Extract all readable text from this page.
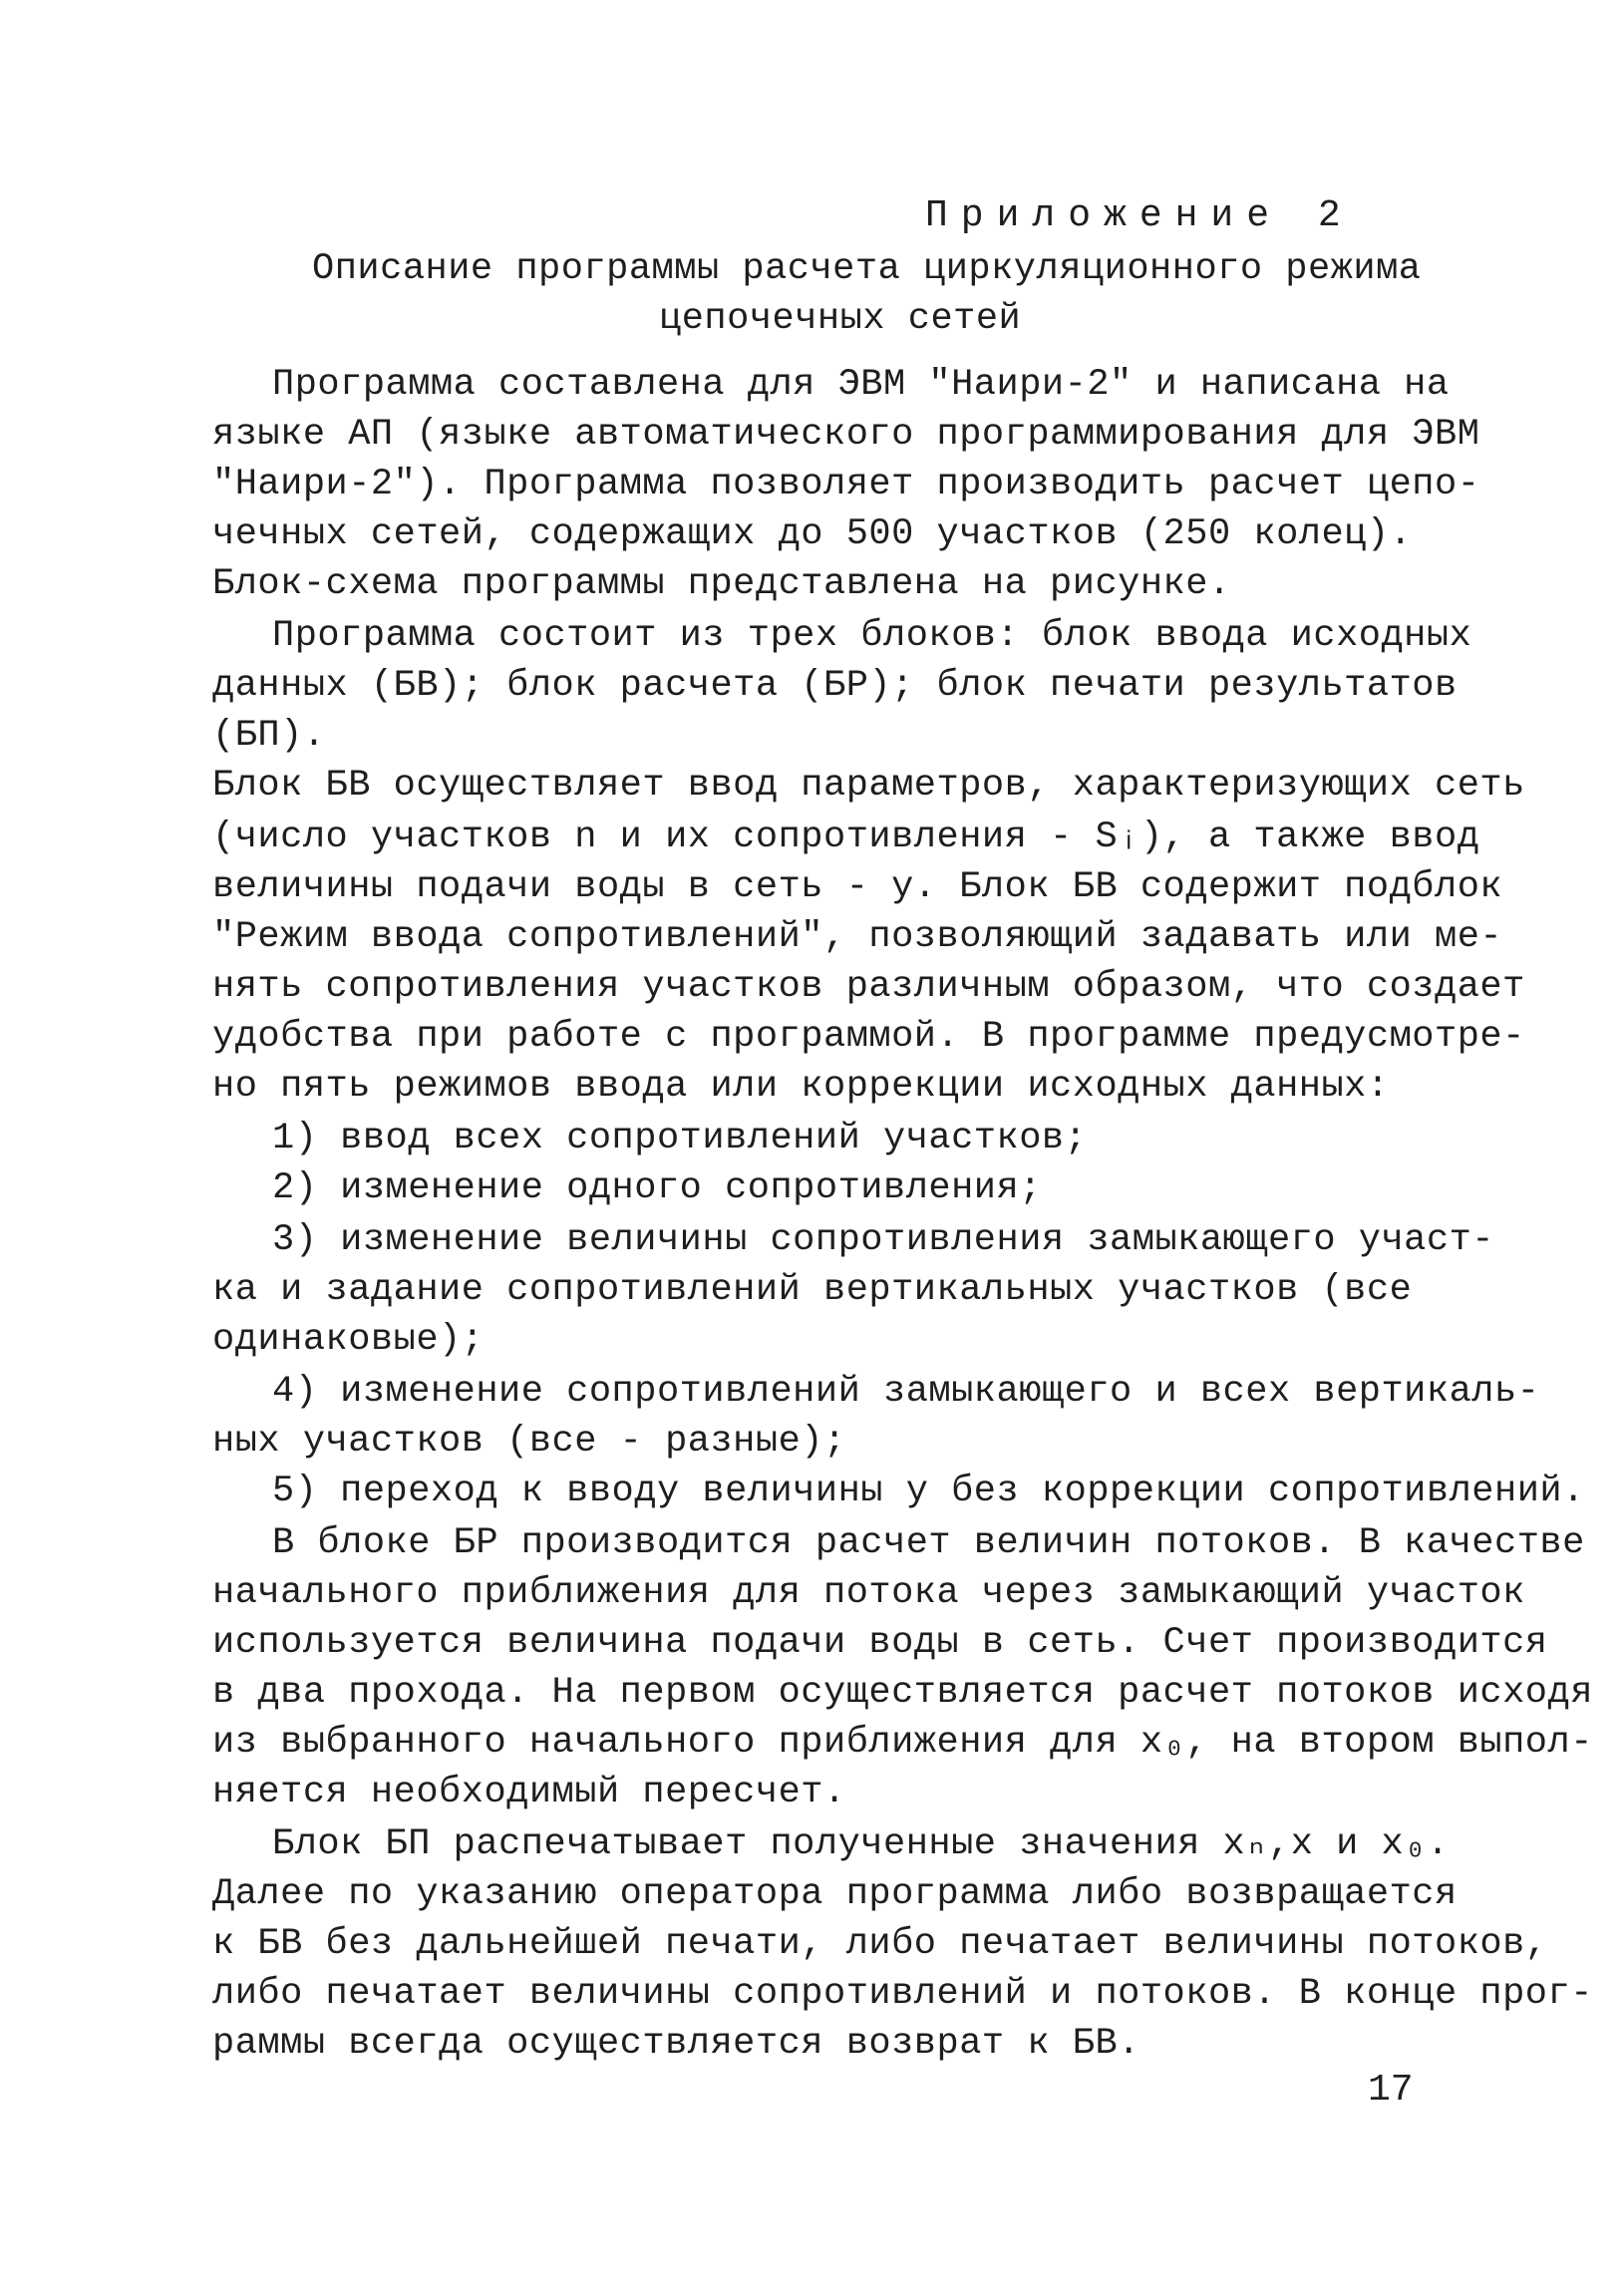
Приложение 2
Описание программы расчета циркуляционного режима
цепочечных сетей
Программа составлена для ЭВМ "Наири-2" и написана на
языке АП (языке автоматического программирования для ЭВМ
"Наири-2"). Программа позволяет производить расчет цепо-
чечных сетей, содержащих до 500 участков (250 колец).
Блок-схема программы представлена на рисунке.
Программа состоит из трех блоков: блок ввода исходных
данных (БВ); блок расчета (БР); блок печати результатов
(БП).
Блок БВ осуществляет ввод параметров, характеризующих сеть
(число участков n и их сопротивления - Sᵢ), а также ввод
величины подачи воды в сеть - у. Блок БВ содержит подблок
"Режим ввода сопротивлений", позволяющий задавать или ме-
нять сопротивления участков различным образом, что создает
удобства при работе с программой. В программе предусмотре-
но пять режимов ввода или коррекции исходных данных:
1) ввод всех сопротивлений участков;
2) изменение одного сопротивления;
3) изменение величины сопротивления замыкающего участ-
ка и задание сопротивлений вертикальных участков (все
одинаковые);
4) изменение сопротивлений замыкающего и всех вертикаль-
ных участков (все - разные);
5) переход к вводу величины у без коррекции сопротивлений.
В блоке БР производится расчет величин потоков. В качестве
начального приближения для потока через замыкающий участок
используется величина подачи воды в сеть. Счет производится
в два прохода. На первом осуществляется расчет потоков исходя
из выбранного начального приближения для x₀, на втором выпол-
няется необходимый пересчет.
Блок БП распечатывает полученные значения xₙ,x и x₀.
Далее по указанию оператора программа либо возвращается
к БВ без дальнейшей печати, либо печатает величины потоков,
либо печатает величины сопротивлений и потоков. В конце прог-
раммы всегда осуществляется возврат к БВ.
17
